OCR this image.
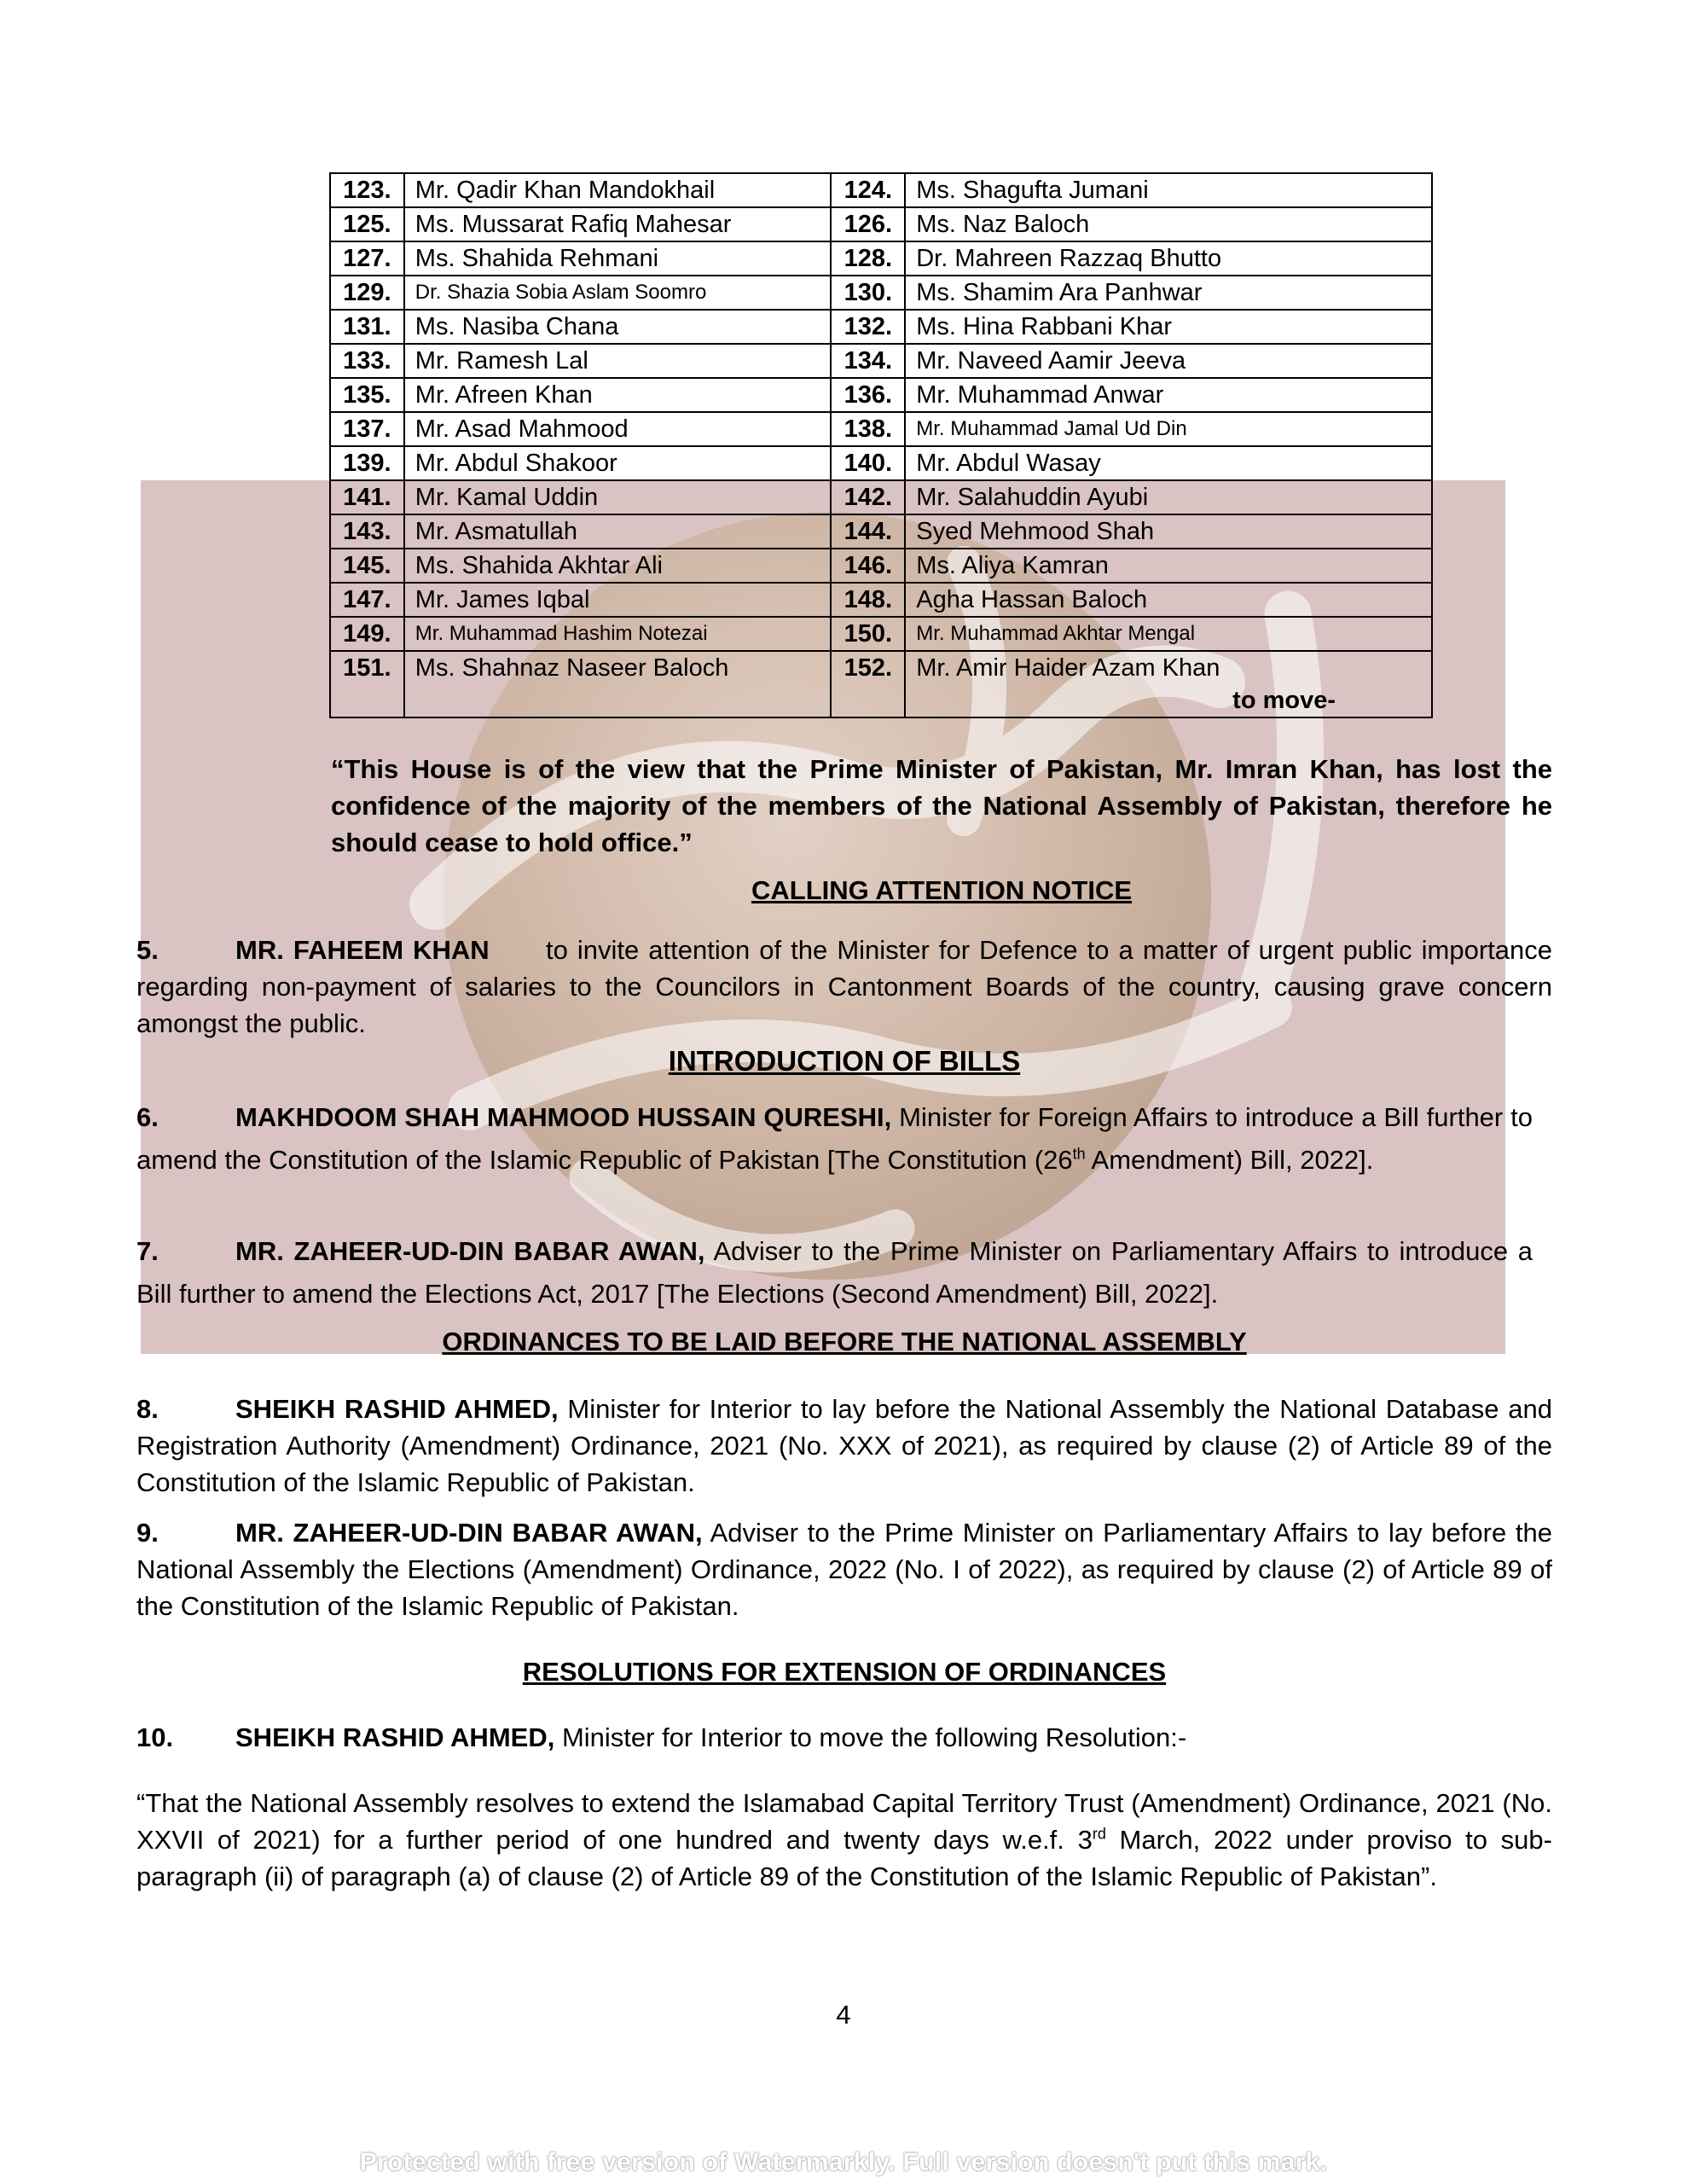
123.	Mr. Qadir Khan Mandokhail	124.	Ms. Shagufta Jumani
125.	Ms. Mussarat Rafiq Mahesar	126.	Ms. Naz Baloch
127.	Ms. Shahida Rehmani	128.	Dr. Mahreen Razzaq Bhutto
129.	Dr. Shazia Sobia Aslam Soomro	130.	Ms. Shamim Ara Panhwar
131.	Ms. Nasiba Chana	132.	Ms. Hina Rabbani Khar
133.	Mr. Ramesh Lal	134.	Mr. Naveed Aamir Jeeva
135.	Mr. Afreen Khan	136.	Mr. Muhammad Anwar
137.	Mr. Asad Mahmood	138.	Mr. Muhammad Jamal Ud Din
139.	Mr. Abdul Shakoor	140.	Mr. Abdul Wasay
141.	Mr. Kamal Uddin	142.	Mr. Salahuddin Ayubi
143.	Mr. Asmatullah	144.	Syed Mehmood Shah
145.	Ms. Shahida Akhtar Ali	146.	Ms. Aliya Kamran
147.	Mr. James Iqbal	148.	Agha Hassan Baloch
149.	Mr. Muhammad Hashim Notezai	150.	Mr. Muhammad Akhtar Mengal
151.	Ms. Shahnaz Naseer Baloch	152.	Mr. Amir Haider Azam Khan
to move-
“This House is of the view that the Prime Minister of Pakistan, Mr. Imran Khan, has lost the confidence of the majority of the members of the National Assembly of Pakistan, therefore he should cease to hold office.”
CALLING ATTENTION NOTICE
5.	MR. FAHEEM KHAN to invite attention of the Minister for Defence to a matter of urgent public importance regarding non-payment of salaries to the Councilors in Cantonment Boards of the country, causing grave concern amongst the public.
INTRODUCTION OF BILLS
6.	MAKHDOOM SHAH MAHMOOD HUSSAIN QURESHI, Minister for Foreign Affairs to introduce a Bill further to amend the Constitution of the Islamic Republic of Pakistan [The Constitution (26th Amendment) Bill, 2022].
7.	MR. ZAHEER-UD-DIN BABAR AWAN, Adviser to the Prime Minister on Parliamentary Affairs to introduce a Bill further to amend the Elections Act, 2017 [The Elections (Second Amendment) Bill, 2022].
ORDINANCES TO BE LAID BEFORE THE NATIONAL ASSEMBLY
8.	SHEIKH RASHID AHMED, Minister for Interior to lay before the National Assembly the National Database and Registration Authority (Amendment) Ordinance, 2021 (No. XXX of 2021), as required by clause (2) of Article 89 of the Constitution of the Islamic Republic of Pakistan.
9.	MR. ZAHEER-UD-DIN BABAR AWAN, Adviser to the Prime Minister on Parliamentary Affairs to lay before the National Assembly the Elections (Amendment) Ordinance, 2022 (No. I of 2022), as required by clause (2) of Article 89 of the Constitution of the Islamic Republic of Pakistan.
RESOLUTIONS FOR EXTENSION OF ORDINANCES
10. SHEIKH RASHID AHMED, Minister for Interior to move the following Resolution:-
“That the National Assembly resolves to extend the Islamabad Capital Territory Trust (Amendment) Ordinance, 2021 (No. XXVII of 2021) for a further period of one hundred and twenty days w.e.f. 3rd March, 2022 under proviso to sub-paragraph (ii) of paragraph (a) of clause (2) of Article 89 of the Constitution of the Islamic Republic of Pakistan”.
4
Protected with free version of Watermarkly. Full version doesn't put this mark.
